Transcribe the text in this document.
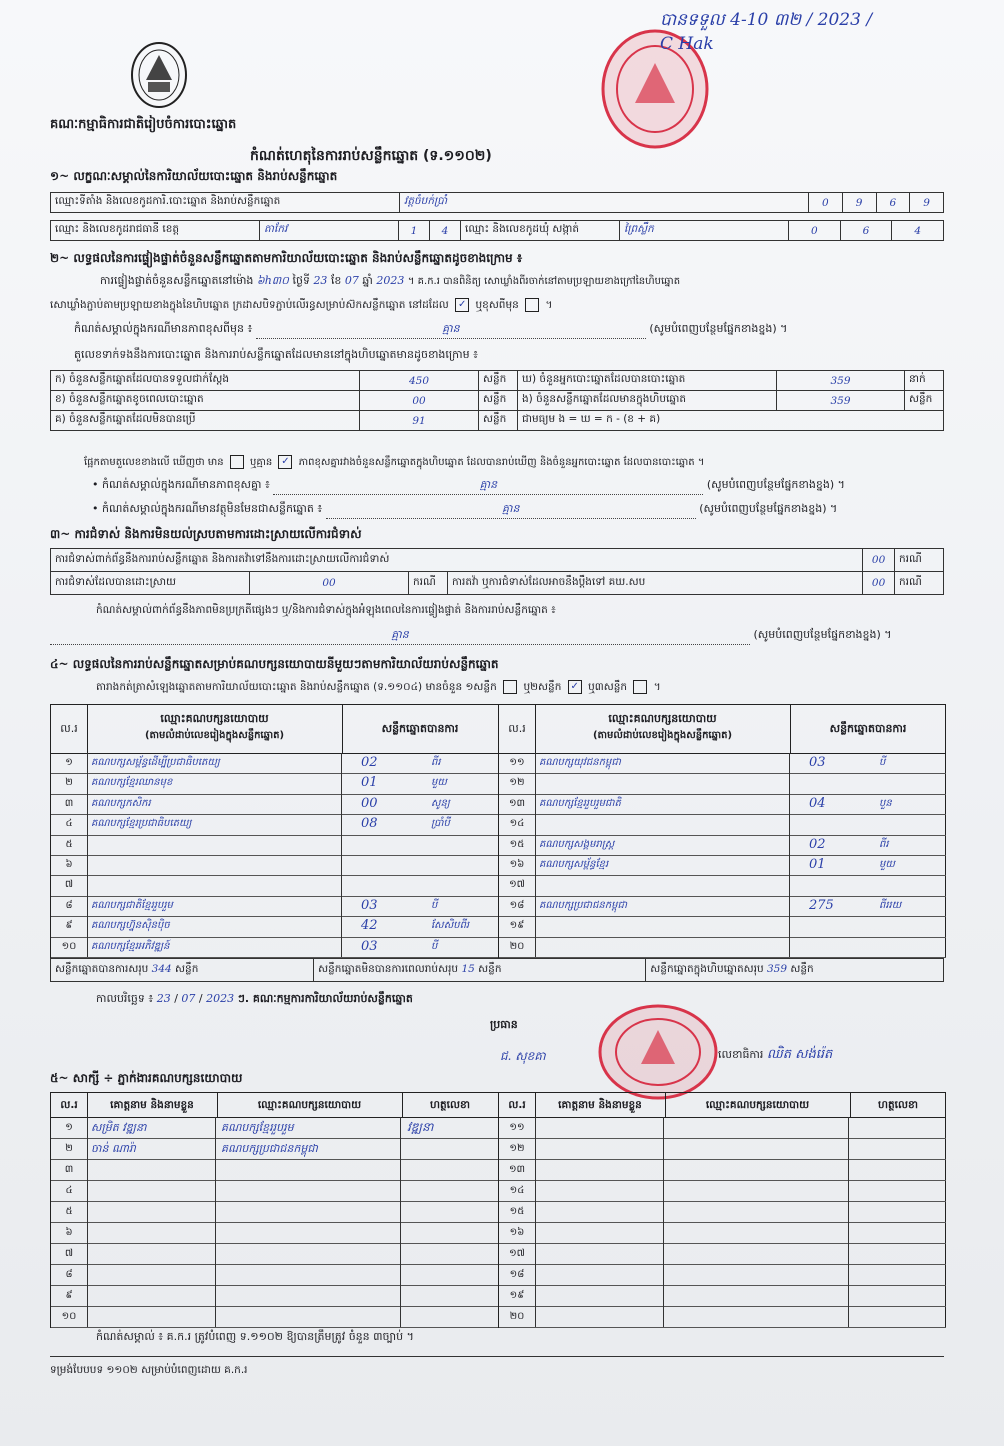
គណៈកម្មាធិការជាតិរៀបចំការបោះឆ្នោត
បានទទួល 4-10 ៣២ / 2023 / C Hak
កំណត់ហេតុនៃការរាប់សន្លឹកឆ្នោត (ទ.១១០២)
១~ លក្ខណៈសម្គាល់នៃការិយាល័យបោះឆ្នោត និងរាប់សន្លឹកឆ្នោត
ឈ្មោះទីតាំង និងលេខកូដការិ.បោះឆ្នោត និងរាប់សន្លឹកឆ្នោត	វត្តចំបក់ប្រាំ	0	9	6	9
ឈ្មោះ និងលេខកូដរាជធានី ខេត្ត	តាកែវ	1	4	ឈ្មោះ និងលេខកូដឃុំ សង្កាត់	ព្រៃស្លឹក	0	6	4
២~ លទ្ធផលនៃការផ្ទៀងផ្ទាត់ចំនួនសន្លឹកឆ្នោតតាមការិយាល័យបោះឆ្នោត និងរាប់សន្លឹកឆ្នោតដូចខាងក្រោម ៖
ការផ្ទៀងផ្ទាត់ចំនួនសន្លឹកឆ្នោតនៅម៉ោង ៦h៣០ ថ្ងៃទី 23 ខែ 07 ឆ្នាំ 2023 ។ គ.ក.រ បានពិនិត្យ សោឃ្លាំងពីរចាក់នៅតាមប្រឡាយខាងក្រៅនៃហិបឆ្នោត
សោឃ្លាំងភ្ជាប់តាមប្រឡាយខាងក្នុងនៃហិបឆ្នោត ក្រដាសបិទភ្ជាប់លើរន្ធសម្រាប់ស៊កសន្លឹកឆ្នោត នៅដដែល ✓ ឬខុសពីមុន  ។
កំណត់សម្គាល់ក្នុងករណីមានភាពខុសពីមុន ៖	គ្មាន	(សូមបំពេញបន្ថែមផ្នែកខាងខ្នង) ។
តួលេខទាក់ទងនឹងការបោះឆ្នោត និងការរាប់សន្លឹកឆ្នោតដែលមាននៅក្នុងហិបឆ្នោតមានដូចខាងក្រោម ៖
ក) ចំនួនសន្លឹកឆ្នោតដែលបានទទួលជាក់ស្តែង	450	សន្លឹក	ឃ) ចំនួនអ្នកបោះឆ្នោតដែលបានបោះឆ្នោត	359	នាក់
ខ) ចំនួនសន្លឹកឆ្នោតខូចពេលបោះឆ្នោត	00	សន្លឹក	ង) ចំនួនសន្លឹកឆ្នោតដែលមានក្នុងហិបឆ្នោត	359	សន្លឹក
គ) ចំនួនសន្លឹកឆ្នោតដែលមិនបានប្រើ	91	សន្លឹក	ជាមធ្យម ង = ឃ = ក - (ខ + គ)		
ផ្អែកតាមតួលេខខាងលើ ឃើញថា មាន	ឬគ្មាន ✓ ភាពខុសគ្នារវាងចំនួនសន្លឹកឆ្នោតក្នុងហិបឆ្នោត ដែលបានរាប់ឃើញ និងចំនួនអ្នកបោះឆ្នោត ដែលបានបោះឆ្នោត ។
• កំណត់សម្គាល់ក្នុងករណីមានភាពខុសគ្នា ៖	គ្មាន	(សូមបំពេញបន្ថែមផ្នែកខាងខ្នង) ។
• កំណត់សម្គាល់ក្នុងករណីមានវត្ថុមិនមែនជាសន្លឹកឆ្នោត ៖	គ្មាន	(សូមបំពេញបន្ថែមផ្នែកខាងខ្នង) ។
៣~ ការជំទាស់ និងការមិនយល់ស្របតាមការដោះស្រាយលើការជំទាស់
ការជំទាស់ពាក់ព័ន្ធនឹងការរាប់សន្លឹកឆ្នោត និងការតវ៉ាទៅនឹងការដោះស្រាយលើការជំទាស់				00	ករណី
ការជំទាស់ដែលបានដោះស្រាយ	00	ករណី	ការតវ៉ា ឬការជំទាស់ដែលអាចនឹងប្តឹងទៅ គឃ.សប	00	ករណី
កំណត់សម្គាល់ពាក់ព័ន្ធនឹងភាពមិនប្រក្រតីផ្សេងៗ ឬ/និងការជំទាស់ក្នុងអំឡុងពេលនៃការផ្ទៀងផ្ទាត់ និងការរាប់សន្លឹកឆ្នោត ៖
គ្មាន	(សូមបំពេញបន្ថែមផ្នែកខាងខ្នង) ។
៤~ លទ្ធផលនៃការរាប់សន្លឹកឆ្នោតសម្រាប់គណបក្សនយោបាយនីមួយៗតាមការិយាល័យរាប់សន្លឹកឆ្នោត
តារាងកត់ត្រាសំឡេងឆ្នោតតាមការិយាល័យបោះឆ្នោត និងរាប់សន្លឹកឆ្នោត (ទ.១១០៤) មានចំនួន ១សន្លឹក	ឬ២សន្លឹក ✓ ឬ៣សន្លឹក  ។
ល.រ
ឈ្មោះគណបក្សនយោបាយ
(តាមលំដាប់លេខរៀងក្នុងសន្លឹកឆ្នោត)
សន្លឹកឆ្នោតបានការ
១	គណបក្សសម្ព័ន្ធដើម្បីប្រជាធិបតេយ្យ	02	ពីរ
២	គណបក្សខ្មែរឈានមុខ	01	មួយ
៣	គណបក្សកសិករ	00	សូន្យ
៤	គណបក្សខ្មែរប្រជាធិបតេយ្យ	08	ប្រាំបី
៥
៦
៧
៨	គណបក្សជាតិខ្មែររួបរួម	03	បី
៩	គណបក្សហ្វ៊ុនស៊ិនប៉ិច	42	សែសិបពីរ
១០	គណបក្សខ្មែរអភិវឌ្ឍន៍	03	បី
ល.រ
ឈ្មោះគណបក្សនយោបាយ
(តាមលំដាប់លេខរៀងក្នុងសន្លឹកឆ្នោត)
សន្លឹកឆ្នោតបានការ
១១	គណបក្សយុវជនកម្ពុជា	03	បី
១២
១៣	គណបក្សខ្មែររួបរួមជាតិ	04	បួន
១៤
១៥	គណបក្សសង្គមរាស្ត្រ	02	ពីរ
១៦	គណបក្សសម្ព័ន្ធខ្មែរ	01	មួយ
១៧
១៨	គណបក្សប្រជាជនកម្ពុជា	275	ពីររយ
១៩
២០
សន្លឹកឆ្នោតបានការសរុប 344 សន្លឹក	សន្លឹកឆ្នោតមិនបានការពេលរាប់សរុប 15 សន្លឹក	សន្លឹកឆ្នោតក្នុងហិបឆ្នោតសរុប 359 សន្លឹក
កាលបរិច្ឆេទ ៖ 23 / 07 / 2023 ៗ. គណៈកម្មការការិយាល័យរាប់សន្លឹកឆ្នោត
ប្រធាន
ជ. សុខគា	លេខាធិការ ឈិត សង់រ៉េត
៥~ សាក្សី ÷ ភ្នាក់ងារគណបក្សនយោបាយ
ល.រ	គោត្តនាម និងនាមខ្លួន	ឈ្មោះគណបក្សនយោបាយ	ហត្ថលេខា
១	សម្រិត វឌ្ឍនា	គណបក្សខ្មែររួបរួម	វឌ្ឍនា
២	ចាន់ ណារ៉ា	គណបក្សប្រជាជនកម្ពុជា
៣
៤
៥
៦
៧
៨
៩
១០
ល.រ	គោត្តនាម និងនាមខ្លួន	ឈ្មោះគណបក្សនយោបាយ	ហត្ថលេខា
១១
១២
១៣
១៤
១៥
១៦
១៧
១៨
១៩
២០
កំណត់សម្គាល់ ៖ គ.ក.រ ត្រូវបំពេញ ទ.១១០២ ឱ្យបានត្រឹមត្រូវ ចំនួន ៣ច្បាប់ ។
ទម្រង់បែបបទ ១១០២ សម្រាប់បំពេញដោយ គ.ក.រ
